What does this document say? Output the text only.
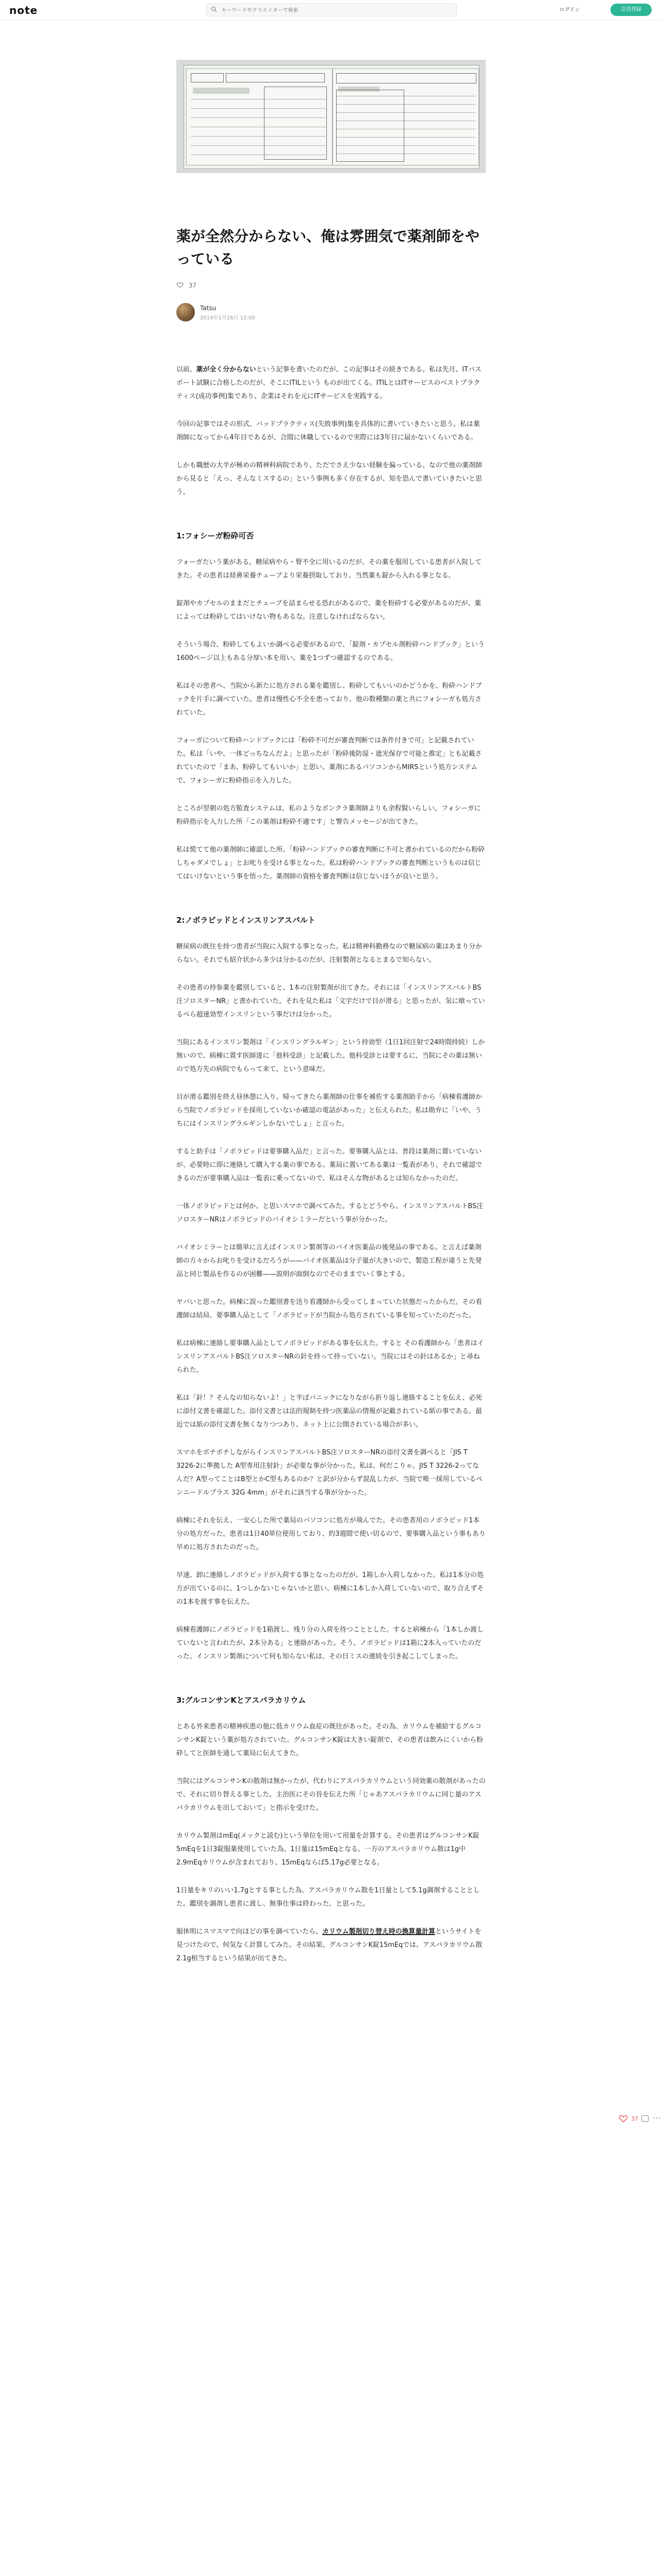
note
キーワードやクリエイターで検索	ログイン	会員登録
薬が全然分からない、俺は雰囲気で薬剤師をやっている
37
Tatsu
2019年1月26日 12:00

以前、薬が全く分からないという記事を書いたのだが、この記事はその続きである。私は先月、ITパスポート試験に合格したのだが、そこにITILという ものが出てくる。ITILとはITサービスのベストプラクティス(成功事例)集であり、企業はそれを元にITサービスを実践する。

今回の記事ではその形式、バッドプラクティス(失敗事例)集を具体的に書いていきたいと思う。私は薬剤師になってから4年目であるが、合間に休職しているので実際には3年目に届かないくらいである。

しかも職歴の大半が極めの精神科病院であり、ただでさえ少ない経験を偏っている。なので他の薬剤師から見ると「えっ、そんなミスするの」という事例も多く存在するが、知を恐んで書いていきたいと思う。

1:フォシーガ粉砕可否

フォーガたいう薬がある。糖尿病やら・腎不全に用いるのだが、その薬を服用している患者が入院してきた。その患者は経鼻栄養チューブより栄養摂取しており、当然薬も錠から入れる事となる。

錠剤やカプセルのままだとチューブを詰まらせる恐れがあるので、薬を粉砕する必要があるのだが、薬によっては粉砕してはいけない物もあるな。注意しなければならない。

そういう場合、粉砕してもよいか調べる必要があるので、「錠剤・カプセル剤粉砕ハンドブック」という1600ページ以上もある分厚い本を用い、薬を1つずつ確認するのである。

私はその患者へ、当院から新たに処方される薬を鑑別し、粉砕してもいいのかどうかを、粉砕ハンドブックを片手に調べていた。患者は慢性心不全を患っており、他の数種類の薬と共にフォシーガも処方されていた。

フォーガについて粉砕ハンドブックには「粉砕不可だが審査判断では条件付きで可」と記載されていた。私は「いや、一体どっちなんだよ」と思ったが「粉砕後防湿・遮光保存で可能と推定」とも記載されていたので「まあ、粉砕してもいいか」と思い、薬剤にあるパソコンからMIRSという処方システムで、フォシーガに粉砕指示を入力した。

ところが翌朝の処方監査システムは、私のようなポンクラ薬剤師よりも余程賢いらしい。フォシーガに粉砕指示を入力した所「この薬剤は粉砕不適です」と警告メッセージが出てきた。

私は慌てて他の薬剤師に確認した所、「粉砕ハンドブックの審査判断に不可と書かれているのだから粉砕しちゃダメでしょ」とお叱りを受ける事となった。私は粉砕ハンドブックの審査判断というものは信じてはいけないという事を悟った。薬剤師の資格を審査判断は信じないほうが良いと思う。

2:ノボラピッドとインスリンアスパルト

糖尿病の既往を持つ患者が当院に入院する事となった。私は精神科勤務なので糖尿病の薬はあまり分からない。それでも紹介状から多少は分かるのだが、注射製剤となるとまるで知らない。

その患者の持参薬を鑑別していると、1本の注射製剤が出てきた。それには「インスリンアスパルトBS注ソロスターNR」と書かれていた。それを見た私は「文字だけで目が滑る」と思ったが、気に喰っているべら超速効型インスリンという事だけは分かった。

当院にあるインスリン製剤は「インスリングラルギン」という持効型（1日1回注射で24時間持続）しか無いので、病棟に置す医師達に「他科受診」と記載した。他科受診とは要するに、当院にその薬は無いので処方先の病院でもらって来て、という意味だ。

目が滑る鑑別を終え昼休憩に入り、帰ってきたら薬剤師の仕事を補佐する薬剤助手から「病棟看護師から当院でノボラピッドを採用していないか確認の電話があった」と伝えられた。私は勘弁に「いや、うちにはインスリングラルギンしかないでしょ」と言った。

すると助手は「ノボラピッドは要事購入品だ」と言った。要事購入品とは、普段は薬剤に置いていないが、必要時に即に連絡して購入する薬の事である。薬局に置いてある薬は一覧表があり、それで確認できるのだが要事購入品は一覧表に乗ってないので、私はそんな物があるとは知らなかったのだ。

一体ノボラピッドとは何か、と思いスマホで調べてみた。するとどうやら、インスリンアスパルトBS注ソロスターNRはノボラピッドのバイオシミラーだという事が分かった。

バイオシミラーとは簡単に言えばインスリン製剤等のバイオ医薬品の後発品の事である。と言えば薬剤師の方々からお叱りを受けるだろうが——バイオ医薬品は分子量が大きいので、製造工程が違うと先発品と同じ製品を作るのが困難——説明が面倒なのでそのままでいく事とする。

ヤバいと思った。病棟に誤った鑑別書を送り看護師から受ってしまっていた状態だったからだ。その看護師は結局、要事購入品として「ノボラピッドが当院から処方されている事を知っていたのだった。

私は病棟に連絡し要事購入品としてノボラピッドがある事を伝えた。すると その看護師から「患者はインスリンアスパルトBS注ソロスターNRの針を持って持っていない。当院にはその針はあるか」と尋ねられた。

私は「針！？そんなの知らないよ！」と半ばパニックになりながら折り返し連絡することを伝え、必死に添付文書を確認した。添付文書とは法的規制を持つ医薬品の情報が記載されている紙の事である。最近では紙の添付文書を無くなりつつあり、ネット上に公開されている場合が多い。

スマホをポチポチしながらインスリンアスパルトBS注ソロスターNRの添付文書を調べると「JIS T 3226-2に準拠した A型専用注射針」が必要な事が分かった。私は、何だこりゃ。JIS T 3226-2ってなんだ？A型ってことはB型とかC型もあるのか？と訳が分からず混乱したが、当院で唯一採用しているペンニードルプラス 32G 4mm」がそれに該当する事が分かった。

病棟にそれを伝え、一安心した所で薬局のパソコンに処方が飛んでた。その患者用のノボラピッド1本分の処方だった。患者は1日40単位使用しており、約3週間で使い切るので、要事購入品という事もあり早めに処方されたのだった。

早速、卸に連絡しノボラピッドが入荷する事となったのだが、1箱しか入荷しなかった。私は1本分の処方が出ているのに、1つしかないじゃないかと思い、病棟に1本しか入荷していないので、取り合えずその1本を渡す事を伝えた。

病棟看護師にノボラピッドを1箱渡し、残り分の入荷を待つこととした。すると病棟から「1本しか渡していないと言われたが、2本分ある」と連絡があった。そう、ノボラピッドは1箱に2本入っていたのだった。インスリン製剤について何も知らない私は、その日ミスの連続を引き起こしてしまった。

3:グルコンサンKとアスパラカリウム

とある外来患者の精神疾患の他に低カリウム血症の既往があった。その為、カリウムを補給するグルコンサンK錠という薬が処方されていた。グルコンサンK錠は大きい錠剤で、その患者は飲みにくいから粉砕してと医師を通して薬局に伝えてきた。

当院にはグルコンサンKの散剤は無かったが、代わりにアスパラカリウムという同効薬の散剤があったので、それに切り替える事とした。主治医にその旨を伝えた所「じゃあアスパラカリウムに同じ量のアスパラカリウムを出しておいて」と指示を受けた。

カリウム製剤はmEq(メックと読む)という単位を用いて用量を計算する。その患者はグルコンサンK錠5mEqを1日3錠服薬使用していた為、1日量は15mEqとなる。一方のアスパラカリウム散は1g中2.9mEqカリウムが含まれており、15mEqならば5.17g必要となる。

1日量をキリのいい1.7gとする事とした為、アスパラカリウム散を1日量として5.1g調剤することとした。鑑別を調剤し患者に渡し、無事仕事は終わった、と思った。

服休明にスマスマで向ほどの事を調べていたら、カリウム製剤切り替え時の換算量計算というサイトを見つけたので、何気なく計算してみた。その結果、グルコンサンK錠15mEqでは、アスパラカリウム散2.1g相当するという結果が出てきた。

37 ⋯
